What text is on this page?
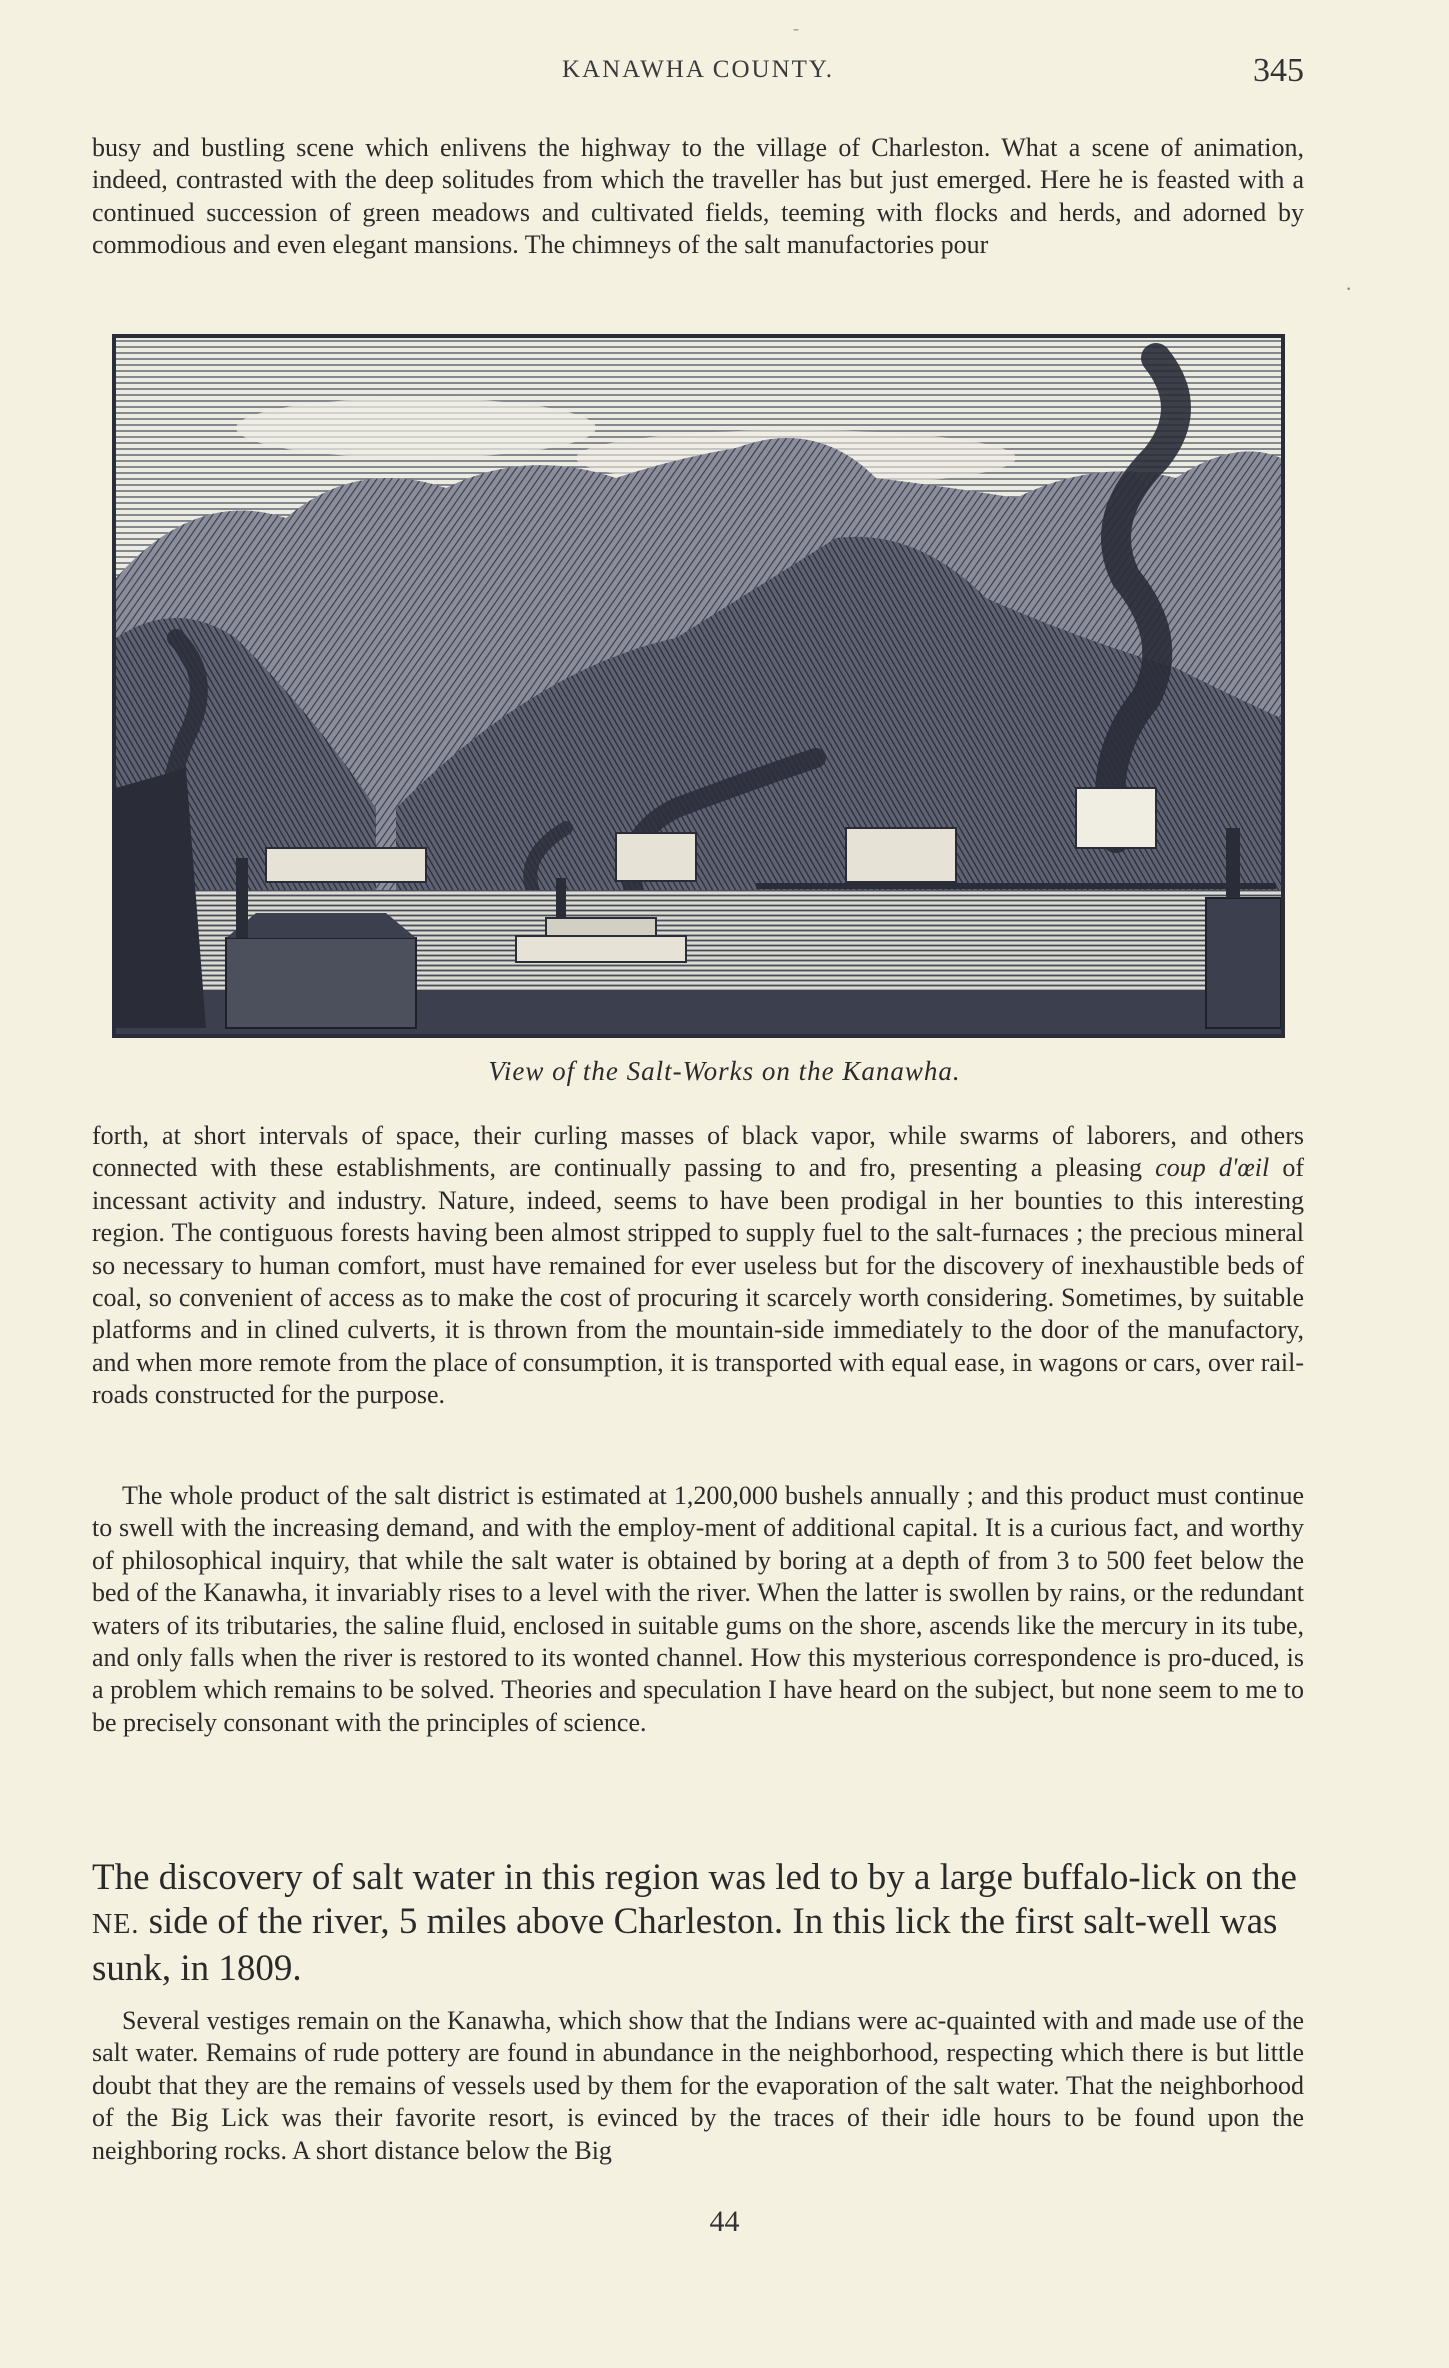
-
KANAWHA COUNTY.	345

busy and bustling scene which enlivens the highway to the village of Charleston. What a scene of animation, indeed, contrasted with the deep solitudes from which the traveller has but just emerged. Here he is feasted with a continued succession of green meadows and cultivated fields, teeming with flocks and herds, and adorned by commodious and even elegant mansions. The chimneys of the salt manufactories pour

·
View of the Salt-Works on the Kanawha.

forth, at short intervals of space, their curling masses of black vapor, while swarms of laborers, and others connected with these establishments, are continually passing to and fro, presenting a pleasing coup d'œil of incessant activity and industry. Nature, indeed, seems to have been prodigal in her bounties to this interesting region. The contiguous forests having been almost stripped to supply fuel to the salt-furnaces ; the precious mineral so necessary to human comfort, must have remained for ever useless but for the discovery of inexhaustible beds of coal, so convenient of access as to make the cost of procuring it scarcely worth considering. Sometimes, by suitable platforms and in clined culverts, it is thrown from the mountain-side immediately to the door of the manufactory, and when more remote from the place of consumption, it is transported with equal ease, in wagons or cars, over rail-roads constructed for the purpose.

The whole product of the salt district is estimated at 1,200,000 bushels annually ; and this product must continue to swell with the increasing demand, and with the employ-ment of additional capital. It is a curious fact, and worthy of philosophical inquiry, that while the salt water is obtained by boring at a depth of from 3 to 500 feet below the bed of the Kanawha, it invariably rises to a level with the river. When the latter is swollen by rains, or the redundant waters of its tributaries, the saline fluid, enclosed in suitable gums on the shore, ascends like the mercury in its tube, and only falls when the river is restored to its wonted channel. How this mysterious correspondence is pro-duced, is a problem which remains to be solved. Theories and speculation I have heard on the subject, but none seem to me to be precisely consonant with the principles of science.

The discovery of salt water in this region was led to by a large buffalo-lick on the NE. side of the river, 5 miles above Charleston. In this lick the first salt-well was sunk, in 1809.

Several vestiges remain on the Kanawha, which show that the Indians were ac-quainted with and made use of the salt water. Remains of rude pottery are found in abundance in the neighborhood, respecting which there is but little doubt that they are the remains of vessels used by them for the evaporation of the salt water. That the neighborhood of the Big Lick was their favorite resort, is evinced by the traces of their idle hours to be found upon the neighboring rocks. A short distance below the Big

44
